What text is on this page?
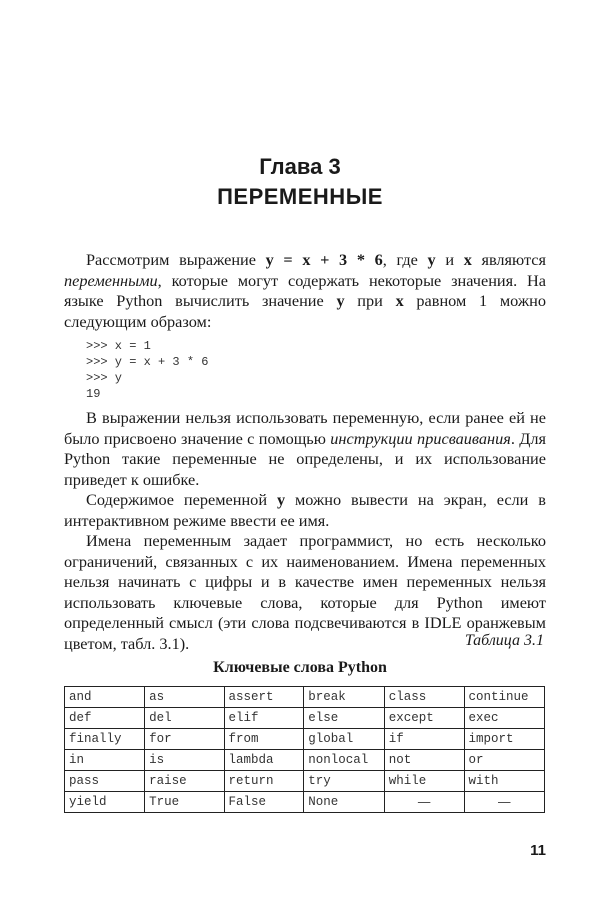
Глава 3
ПЕРЕМЕННЫЕ

Рассмотрим выражение y = x + 3 * 6, где y и x являются переменными, которые могут содержать некоторые значения. На языке Python вычислить значение y при x равном 1 можно следующим образом:

>>> x = 1
>>> y = x + 3 * 6
>>> y
19

В выражении нельзя использовать переменную, если ранее ей не было присвоено значение с помощью инструкции присваивания. Для Python такие переменные не определены, и их использование приведет к ошибке.

Содержимое переменной y можно вывести на экран, если в интерактивном режиме ввести ее имя.

Имена переменным задает программист, но есть несколько ограничений, связанных с их наименованием. Имена переменных нельзя начинать с цифры и в качестве имен переменных нельзя использовать ключевые слова, которые для Python имеют определенный смысл (эти слова подсвечиваются в IDLE оранжевым цветом, табл. 3.1).	Таблица 3.1
Ключевые слова Python
and	as	assert	break	class	continue
def	del	elif	else	except	exec
finally	for	from	global	if	import
in	is	lambda	nonlocal	not	or
pass	raise	return	try	while	with
yield	True	False	None	—	—
11
